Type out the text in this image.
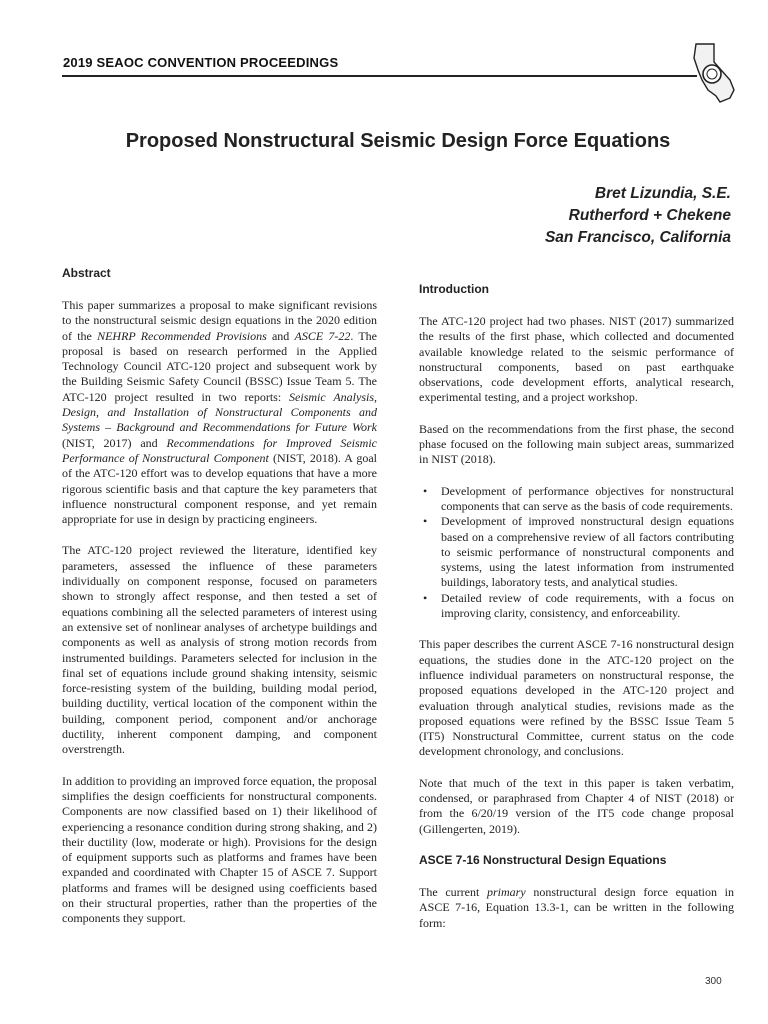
2019 SEAOC CONVENTION PROCEEDINGS
Proposed Nonstructural Seismic Design Force Equations
Bret Lizundia, S.E.
Rutherford + Chekene
San Francisco, California
Abstract

This paper summarizes a proposal to make significant revisions to the nonstructural seismic design equations in the 2020 edition of the NEHRP Recommended Provisions and ASCE 7-22. The proposal is based on research performed in the Applied Technology Council ATC-120 project and subsequent work by the Building Seismic Safety Council (BSSC) Issue Team 5. The ATC-120 project resulted in two reports: Seismic Analysis, Design, and Installation of Nonstructural Components and Systems – Background and Recommendations for Future Work (NIST, 2017) and Recommendations for Improved Seismic Performance of Nonstructural Component (NIST, 2018). A goal of the ATC-120 effort was to develop equations that have a more rigorous scientific basis and that capture the key parameters that influence nonstructural component response, and yet remain appropriate for use in design by practicing engineers.

The ATC-120 project reviewed the literature, identified key parameters, assessed the influence of these parameters individually on component response, focused on parameters shown to strongly affect response, and then tested a set of equations combining all the selected parameters of interest using an extensive set of nonlinear analyses of archetype buildings and components as well as analysis of strong motion records from instrumented buildings. Parameters selected for inclusion in the final set of equations include ground shaking intensity, seismic force-resisting system of the building, building modal period, building ductility, vertical location of the component within the building, component period, component and/or anchorage ductility, inherent component damping, and component overstrength.

In addition to providing an improved force equation, the proposal simplifies the design coefficients for nonstructural components. Components are now classified based on 1) their likelihood of experiencing a resonance condition during strong shaking, and 2) their ductility (low, moderate or high). Provisions for the design of equipment supports such as platforms and frames have been expanded and coordinated with Chapter 15 of ASCE 7. Support platforms and frames will be designed using coefficients based on their structural properties, rather than the properties of the components they support.

Introduction

The ATC-120 project had two phases. NIST (2017) summarized the results of the first phase, which collected and documented available knowledge related to the seismic performance of nonstructural components, based on past earthquake observations, code development efforts, analytical research, experimental testing, and a project workshop.

Based on the recommendations from the first phase, the second phase focused on the following main subject areas, summarized in NIST (2018).

• Development of performance objectives for nonstructural components that can serve as the basis of code requirements.
• Development of improved nonstructural design equations based on a comprehensive review of all factors contributing to seismic performance of nonstructural components and systems, using the latest information from instrumented buildings, laboratory tests, and analytical studies.
• Detailed review of code requirements, with a focus on improving clarity, consistency, and enforceability.

This paper describes the current ASCE 7-16 nonstructural design equations, the studies done in the ATC-120 project on the influence individual parameters on nonstructural response, the proposed equations developed in the ATC-120 project and evaluation through analytical studies, revisions made as the proposed equations were refined by the BSSC Issue Team 5 (IT5) Nonstructural Committee, current status on the code development chronology, and conclusions.

Note that much of the text in this paper is taken verbatim, condensed, or paraphrased from Chapter 4 of NIST (2018) or from the 6/20/19 version of the IT5 code change proposal (Gillengerten, 2019).

ASCE 7-16 Nonstructural Design Equations

The current primary nonstructural design force equation in ASCE 7-16, Equation 13.3-1, can be written in the following form:

300
